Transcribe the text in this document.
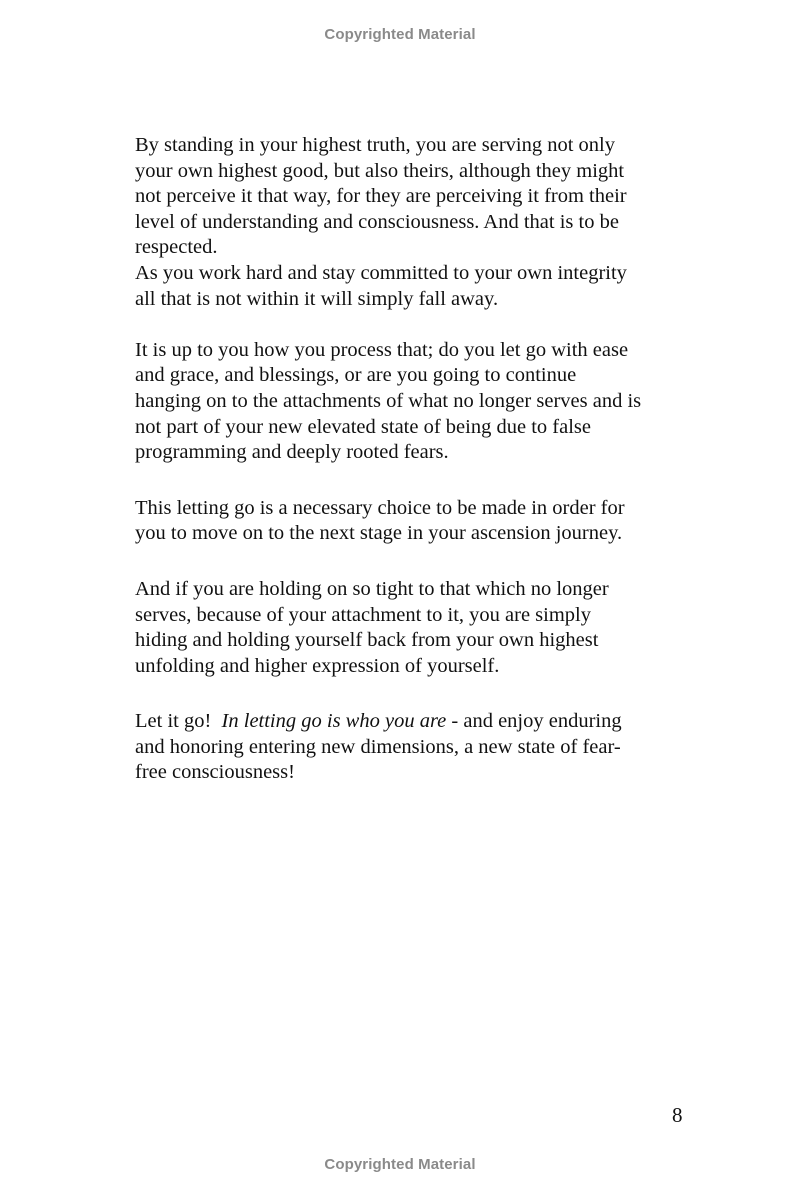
Copyrighted Material
By standing in your highest truth, you are serving not only
your own highest good, but also theirs, although they might
not perceive it that way, for they are perceiving it from their
level of understanding and consciousness. And that is to be
respected.
As you work hard and stay committed to your own integrity
all that is not within it will simply fall away.
It is up to you how you process that; do you let go with ease
and grace, and blessings, or are you going to continue
hanging on to the attachments of what no longer serves and is
not part of your new elevated state of being due to false
programming and deeply rooted fears.
This letting go is a necessary choice to be made in order for
you to move on to the next stage in your ascension journey.
And if you are holding on so tight to that which no longer
serves, because of your attachment to it, you are simply
hiding and holding yourself back from your own highest
unfolding and higher expression of yourself.
Let it go!  In letting go is who you are - and enjoy enduring
and honoring entering new dimensions, a new state of fear-
free consciousness!
8
Copyrighted Material
